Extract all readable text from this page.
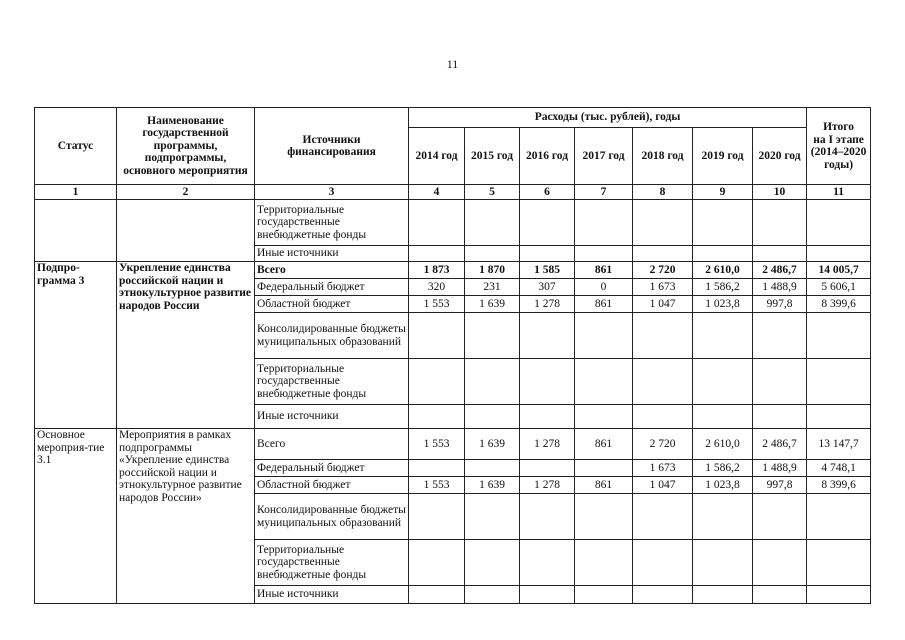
11
Статус	Наименование
государственной
программы,
подпрограммы,
основного мероприятия	Источники
финансирования	Расходы (тыс. рублей), годы							Итого
на I этапе
(2014–2020
годы)

			2014 год	2015 год	2016 год	2017 год	2018 год	2019 год	2020 год	
1	2	3	4	5	6	7	8	9	10	11
		Территориальные государственные внебюджетные фонды								
		Иные источники								
Подпро-грамма 3	Укрепление единства российской нации и этнокультурное развитие народов России	Всего	1 873	1 870	1 585	861	2 720	2 610,0	2 486,7	14 005,7
		Федеральный бюджет	320	231	307	0	1 673	1 586,2	1 488,9	5 606,1
		Областной бюджет	1 553	1 639	1 278	861	1 047	1 023,8	997,8	8 399,6
		Консолидированные бюджеты муниципальных образований								
		Территориальные государственные внебюджетные фонды								
		Иные источники								
Основное мероприя-тие 3.1	Мероприятия в рамках подпрограммы «Укрепление единства российской нации и этнокультурное развитие народов России»	Всего	1 553	1 639	1 278	861	2 720	2 610,0	2 486,7	13 147,7
		Федеральный бюджет					1 673	1 586,2	1 488,9	4 748,1
		Областной бюджет	1 553	1 639	1 278	861	1 047	1 023,8	997,8	8 399,6
		Консолидированные бюджеты муниципальных образований								
		Территориальные государственные внебюджетные фонды								
		Иные источники								
